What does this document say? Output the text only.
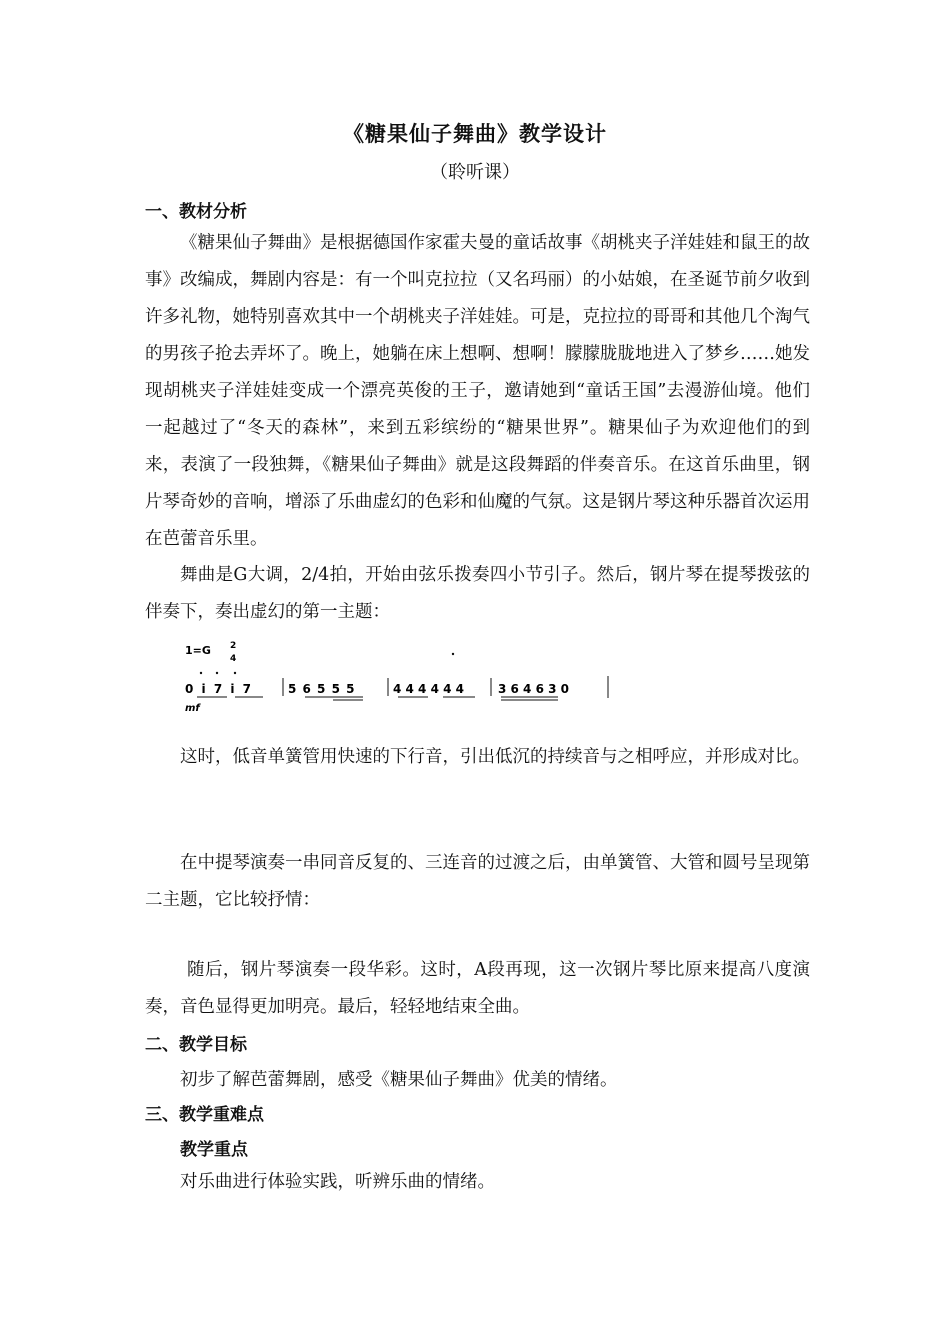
《糖果仙子舞曲》教学设计
（聆听课）
一、教材分析
《糖果仙子舞曲》是根据德国作家霍夫曼的童话故事《胡桃夹子洋娃娃和鼠王的故事》改编成，舞剧内容是：有一个叫克拉拉（又名玛丽）的小姑娘，在圣诞节前夕收到许多礼物，她特别喜欢其中一个胡桃夹子洋娃娃。可是，克拉拉的哥哥和其他几个淘气的男孩子抢去弄坏了。晚上，她躺在床上想啊、想啊！朦朦胧胧地进入了梦乡……她发现胡桃夹子洋娃娃变成一个漂亮英俊的王子，邀请她到“童话王国”去漫游仙境。他们一起越过了“冬天的森林”，来到五彩缤纷的“糖果世界”。糖果仙子为欢迎他们的到来，表演了一段独舞，《糖果仙子舞曲》就是这段舞蹈的伴奏音乐。在这首乐曲里，钢片琴奇妙的音响，增添了乐曲虚幻的色彩和仙魔的气氛。这是钢片琴这种乐器首次运用在芭蕾音乐里。
舞曲是G大调，2/4拍，开始由弦乐拨奏四小节引子。然后，钢片琴在提琴拨弦的伴奏下，奏出虚幻的第一主题：
1=G 2
4
mf
0 i 7 i 7	5 6 5 5 5	4 4 4 4 4 4	3 6 4 6 3 0
这时，低音单簧管用快速的下行音，引出低沉的持续音与之相呼应，并形成对比。
在中提琴演奏一串同音反复的、三连音的过渡之后，由单簧管、大管和圆号呈现第二主题，它比较抒情：
随后，钢片琴演奏一段华彩。这时，A段再现，这一次钢片琴比原来提高八度演奏，音色显得更加明亮。最后，轻轻地结束全曲。
二、教学目标
初步了解芭蕾舞剧，感受《糖果仙子舞曲》优美的情绪。
三、教学重难点
教学重点
对乐曲进行体验实践，听辨乐曲的情绪。
